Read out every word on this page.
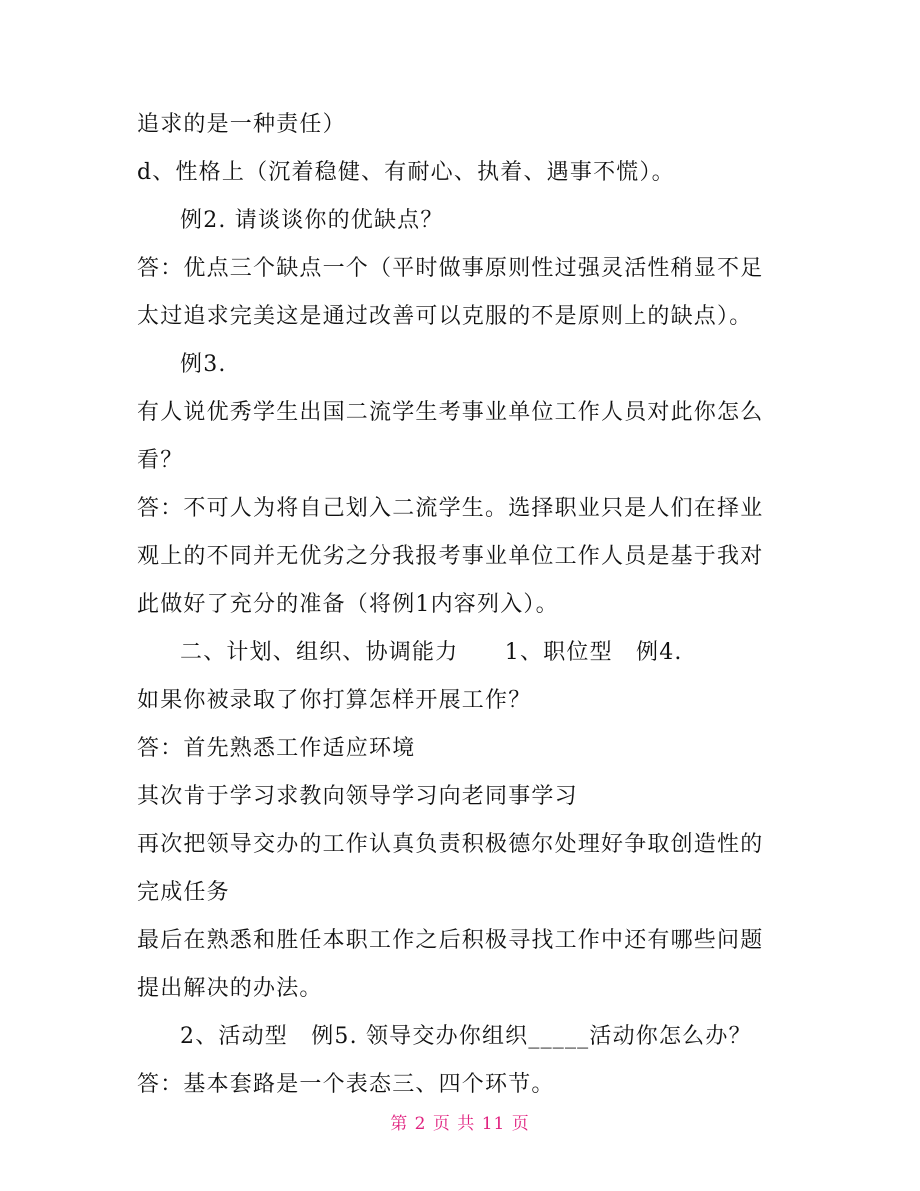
追求的是一种责任）
d、性格上（沉着稳健、有耐心、执着、遇事不慌）。
例2. 请谈谈你的优缺点？
答：优点三个缺点一个（平时做事原则性过强灵活性稍显不足
太过追求完美这是通过改善可以克服的不是原则上的缺点）。
例3.
有人说优秀学生出国二流学生考事业单位工作人员对此你怎么
看？
答：不可人为将自己划入二流学生。选择职业只是人们在择业
观上的不同并无优劣之分我报考事业单位工作人员是基于我对
此做好了充分的准备（将例1内容列入）。
二、计划、组织、协调能力　　1、职位型　例4.
如果你被录取了你打算怎样开展工作？
答：首先熟悉工作适应环境
其次肯于学习求教向领导学习向老同事学习
再次把领导交办的工作认真负责积极德尔处理好争取创造性的
完成任务
最后在熟悉和胜任本职工作之后积极寻找工作中还有哪些问题
提出解决的办法。
2、活动型　例5. 领导交办你组织_____活动你怎么办？
答：基本套路是一个表态三、四个环节。
第 2 页 共 11 页
